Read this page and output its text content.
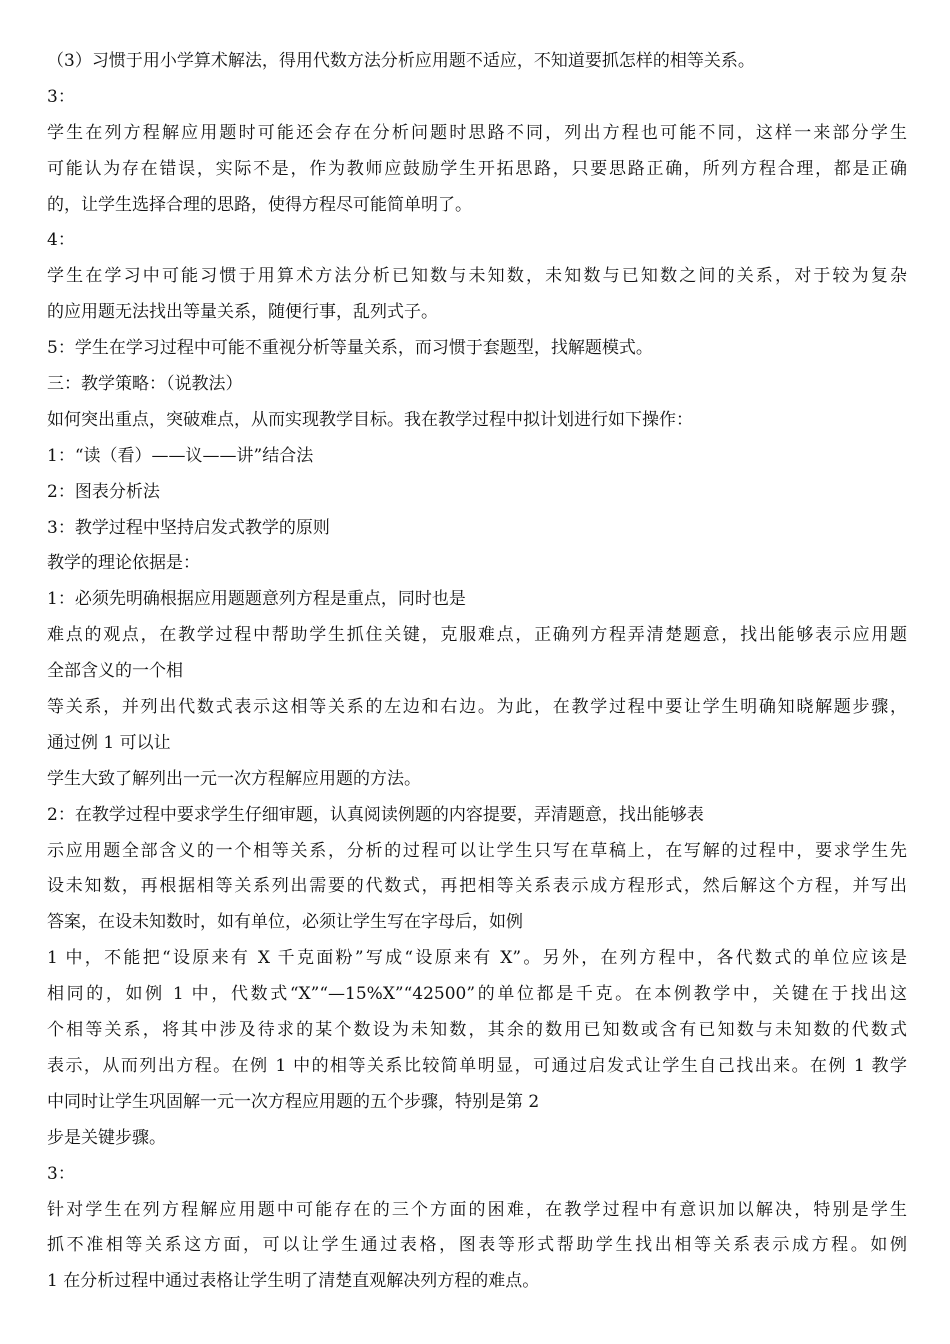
（3）习惯于用小学算术解法，得用代数方法分析应用题不适应，不知道要抓怎样的相等关系。
3：
学生在列方程解应用题时可能还会存在分析问题时思路不同，列出方程也可能不同，这样一来部分学生
可能认为存在错误，实际不是，作为教师应鼓励学生开拓思路，只要思路正确，所列方程合理，都是正确
的，让学生选择合理的思路，使得方程尽可能简单明了。
4：
学生在学习中可能习惯于用算术方法分析已知数与未知数，未知数与已知数之间的关系，对于较为复杂
的应用题无法找出等量关系，随便行事，乱列式子。
5：学生在学习过程中可能不重视分析等量关系，而习惯于套题型，找解题模式。
三：教学策略：（说教法）
如何突出重点，突破难点，从而实现教学目标。我在教学过程中拟计划进行如下操作：
1：“读（看）——议——讲”结合法
2：图表分析法
3：教学过程中坚持启发式教学的原则
教学的理论依据是：
1：必须先明确根据应用题题意列方程是重点，同时也是
难点的观点，在教学过程中帮助学生抓住关键，克服难点，正确列方程弄清楚题意，找出能够表示应用题
全部含义的一个相
等关系，并列出代数式表示这相等关系的左边和右边。为此，在教学过程中要让学生明确知晓解题步骤，
通过例 1 可以让
学生大致了解列出一元一次方程解应用题的方法。
2：在教学过程中要求学生仔细审题，认真阅读例题的内容提要，弄清题意，找出能够表
示应用题全部含义的一个相等关系，分析的过程可以让学生只写在草稿上，在写解的过程中，要求学生先
设未知数，再根据相等关系列出需要的代数式，再把相等关系表示成方程形式，然后解这个方程，并写出
答案，在设未知数时，如有单位，必须让学生写在字母后，如例
1 中，不能把“设原来有 X 千克面粉”写成“设原来有 X”。另外，在列方程中，各代数式的单位应该是
相同的，如例 1 中，代数式“X”“—15%X”“42500”的单位都是千克。在本例教学中，关键在于找出这
个相等关系，将其中涉及待求的某个数设为未知数，其余的数用已知数或含有已知数与未知数的代数式
表示，从而列出方程。在例 1 中的相等关系比较简单明显，可通过启发式让学生自己找出来。在例 1 教学
中同时让学生巩固解一元一次方程应用题的五个步骤，特别是第 2
步是关键步骤。
3：
针对学生在列方程解应用题中可能存在的三个方面的困难，在教学过程中有意识加以解决，特别是学生
抓不准相等关系这方面，可以让学生通过表格，图表等形式帮助学生找出相等关系表示成方程。如例
1 在分析过程中通过表格让学生明了清楚直观解决列方程的难点。
